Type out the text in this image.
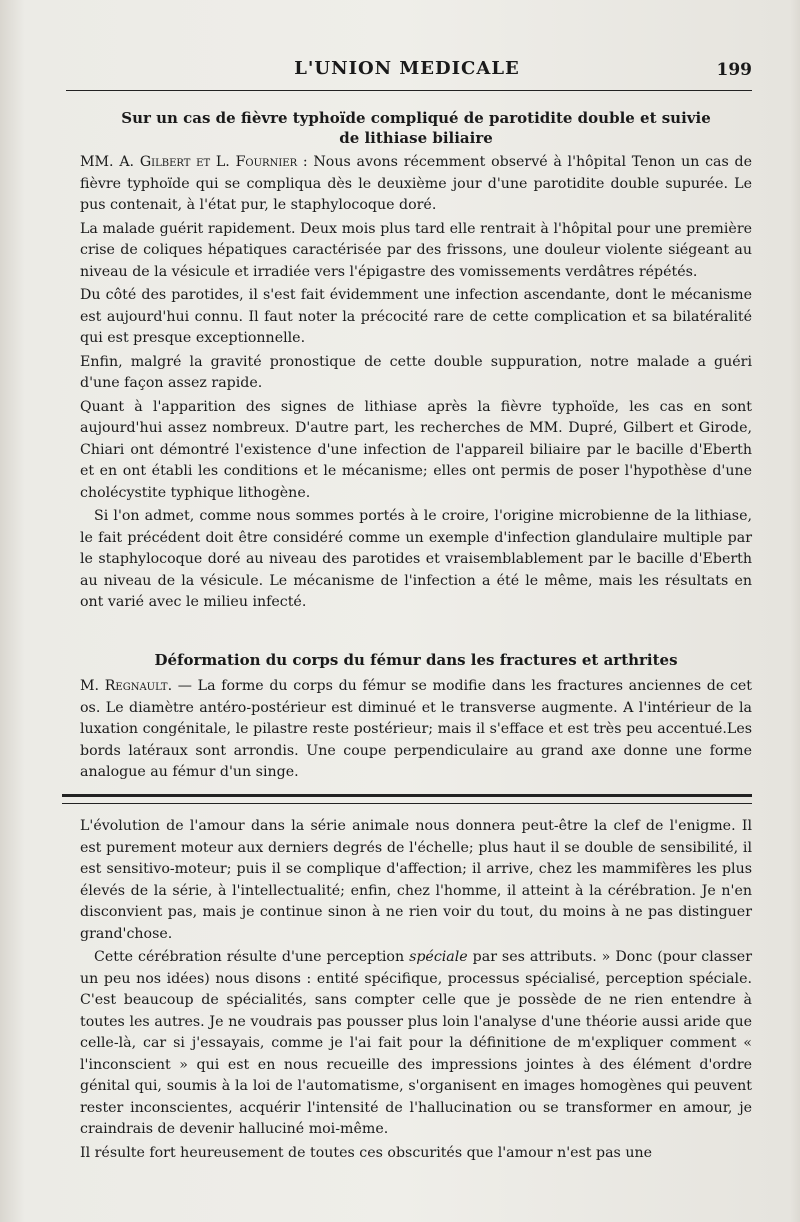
L'UNION MEDICALE	199
Sur un cas de fièvre typhoïde compliqué de parotidite double et suivie
de lithiase biliaire

MM. A. Gilbert et L. Fournier : Nous avons récemment observé à l'hôpital Tenon un cas de fièvre typhoïde qui se compliqua dès le deuxième jour d'une parotidite double supurée. Le pus contenait, à l'état pur, le staphylocoque doré.

La malade guérit rapidement. Deux mois plus tard elle rentrait à l'hôpital pour une première crise de coliques hépatiques caractérisée par des frissons, une douleur violente siégeant au niveau de la vésicule et irradiée vers l'épigastre des vomissements verdâtres répétés.

Du côté des parotides, il s'est fait évidemment une infection ascendante, dont le mécanisme est aujourd'hui connu. Il faut noter la précocité rare de cette complication et sa bilatéralité qui est presque exceptionnelle.

Enfin, malgré la gravité pronostique de cette double suppuration, notre malade a guéri d'une façon assez rapide.

Quant à l'apparition des signes de lithiase après la fièvre typhoïde, les cas en sont aujourd'hui assez nombreux. D'autre part, les recherches de MM. Dupré, Gilbert et Girode, Chiari ont démontré l'existence d'une infection de l'appareil biliaire par le bacille d'Eberth et en ont établi les conditions et le mécanisme; elles ont permis de poser l'hypothèse d'une cholécystite typhique lithogène.

Si l'on admet, comme nous sommes portés à le croire, l'origine microbienne de la lithiase, le fait précédent doit être considéré comme un exemple d'infection glandulaire multiple par le staphylocoque doré au niveau des parotides et vraisemblablement par le bacille d'Eberth au niveau de la vésicule. Le mécanisme de l'infection a été le même, mais les résultats en ont varié avec le milieu infecté.

Déformation du corps du fémur dans les fractures et arthrites

M. Regnault. — La forme du corps du fémur se modifie dans les fractures anciennes de cet os. Le diamètre antéro-postérieur est diminué et le transverse augmente. A l'intérieur de la luxation congénitale, le pilastre reste postérieur; mais il s'efface et est très peu accentué.Les bords latéraux sont arrondis. Une coupe perpendiculaire au grand axe donne une forme analogue au fémur d'un singe.

L'évolution de l'amour dans la série animale nous donnera peut-être la clef de l'enigme. Il est purement moteur aux derniers degrés de l'échelle; plus haut il se double de sensibilité, il est sensitivo-moteur; puis il se complique d'affection; il arrive, chez les mammifères les plus élevés de la série, à l'intellectualité; enfin, chez l'homme, il atteint à la cérébration. Je n'en disconvient pas, mais je continue sinon à ne rien voir du tout, du moins à ne pas distinguer grand'chose.

Cette cérébration résulte d'une perception spéciale par ses attributs. » Donc (pour classer un peu nos idées) nous disons : entité spécifique, processus spécialisé, perception spéciale. C'est beaucoup de spécialités, sans compter celle que je possède de ne rien entendre à toutes les autres. Je ne voudrais pas pousser plus loin l'analyse d'une théorie aussi aride que celle-là, car si j'essayais, comme je l'ai fait pour la définitione de m'expliquer comment « l'inconscient » qui est en nous recueille des impressions jointes à des élément d'ordre génital qui, soumis à la loi de l'automatisme, s'organisent en images homogènes qui peuvent rester inconscientes, acquérir l'intensité de l'hallucination ou se transformer en amour, je craindrais de devenir halluciné moi-même.

Il résulte fort heureusement de toutes ces obscurités que l'amour n'est pas une
